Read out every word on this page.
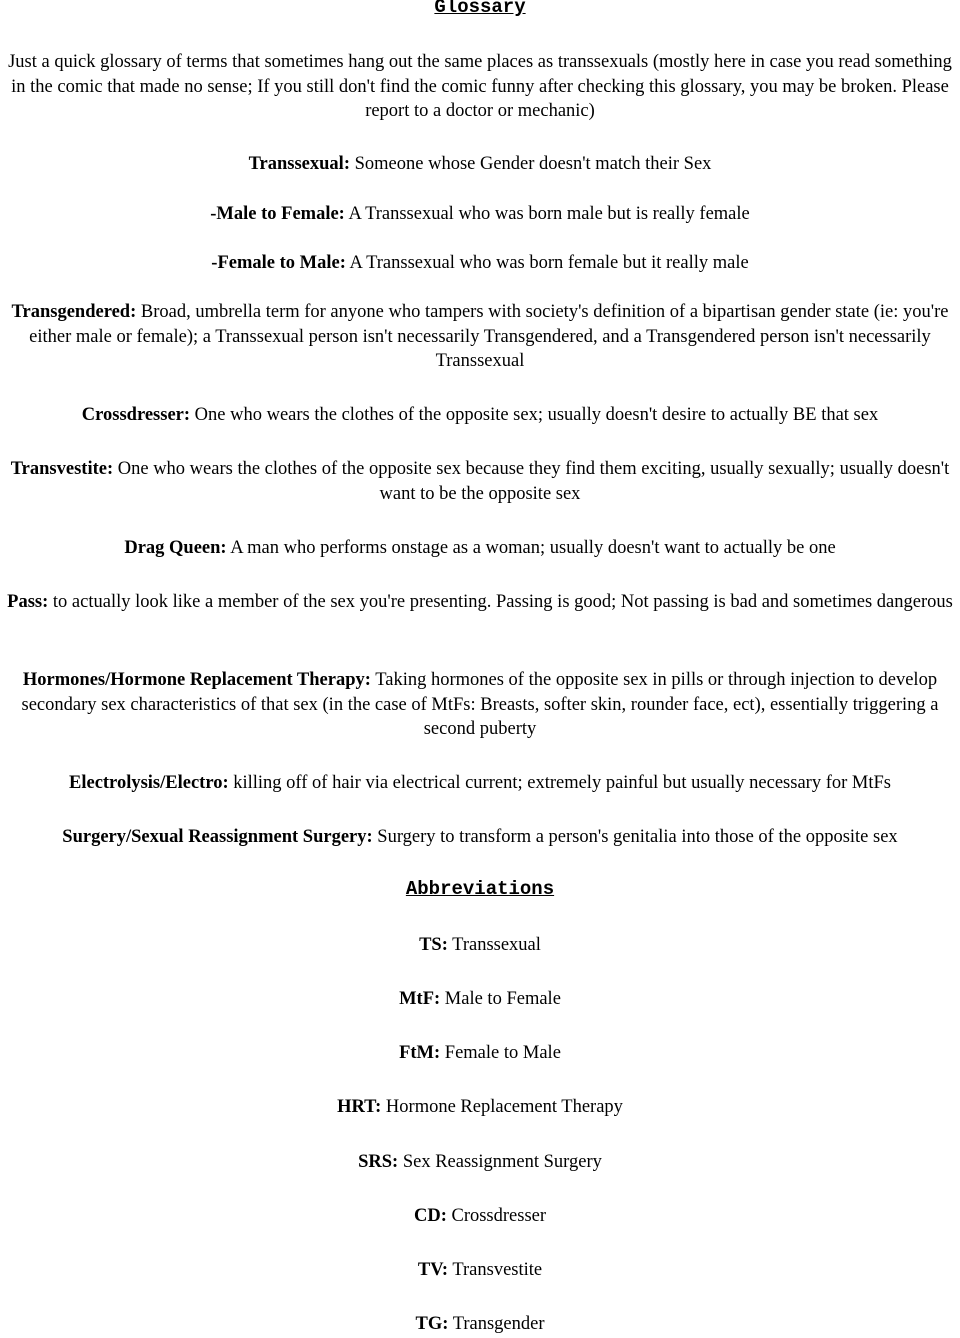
Glossary

Just a quick glossary of terms that sometimes hang out the same places as transsexuals (mostly here in case you read something in the comic that made no sense; If you still don't find the comic funny after checking this glossary, you may be broken. Please report to a doctor or mechanic)

Transsexual: Someone whose Gender doesn't match their Sex

-Male to Female: A Transsexual who was born male but is really female

-Female to Male: A Transsexual who was born female but it really male

Transgendered: Broad, umbrella term for anyone who tampers with society's definition of a bipartisan gender state (ie: you're either male or female); a Transsexual person isn't necessarily Transgendered, and a Transgendered person isn't necessarily Transsexual

Crossdresser: One who wears the clothes of the opposite sex; usually doesn't desire to actually BE that sex

Transvestite: One who wears the clothes of the opposite sex because they find them exciting, usually sexually; usually doesn't want to be the opposite sex

Drag Queen: A man who performs onstage as a woman; usually doesn't want to actually be one

Pass: to actually look like a member of the sex you're presenting. Passing is good; Not passing is bad and sometimes dangerous

Hormones/Hormone Replacement Therapy: Taking hormones of the opposite sex in pills or through injection to develop secondary sex characteristics of that sex (in the case of MtFs: Breasts, softer skin, rounder face, ect), essentially triggering a second puberty

Electrolysis/Electro: killing off of hair via electrical current; extremely painful but usually necessary for MtFs

Surgery/Sexual Reassignment Surgery: Surgery to transform a person's genitalia into those of the opposite sex

Abbreviations

TS: Transsexual

MtF: Male to Female

FtM: Female to Male

HRT: Hormone Replacement Therapy

SRS: Sex Reassignment Surgery

CD: Crossdresser

TV: Transvestite

TG: Transgender
